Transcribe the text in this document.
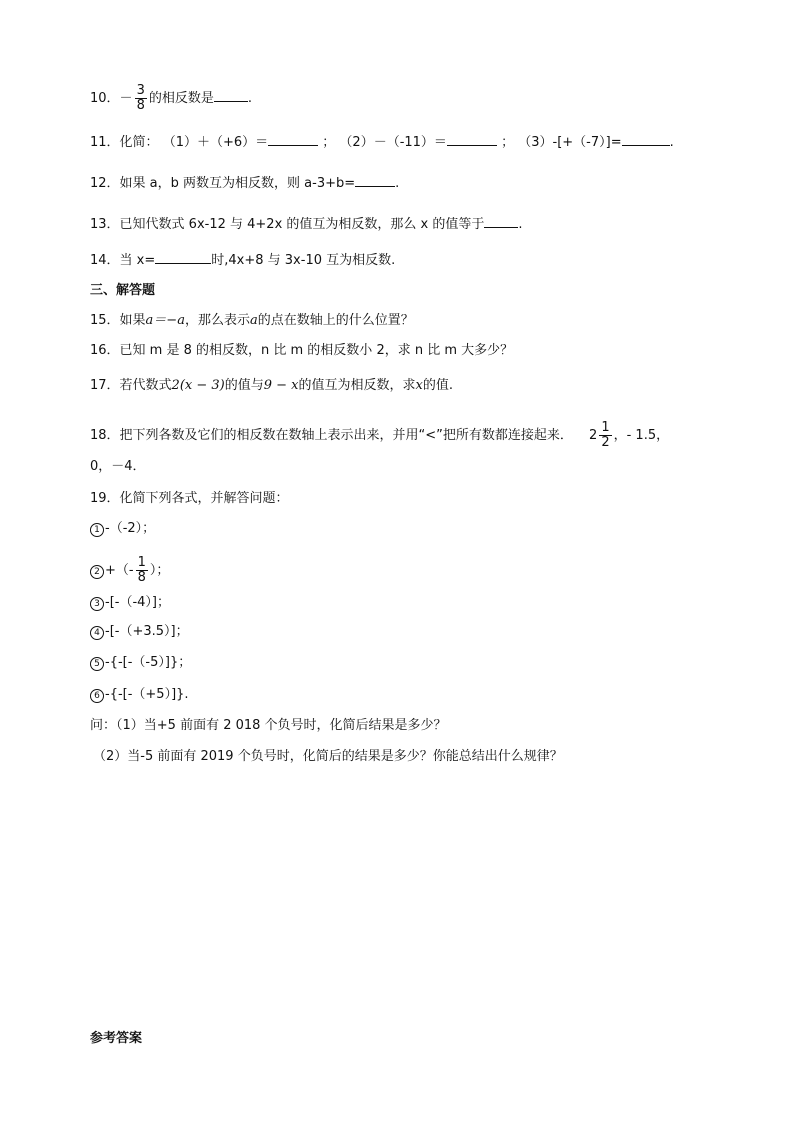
10．－ $\frac{3}{8}$ 的相反数是	.
11．化简： （1）＋（+6）＝	； （2）－（-11）＝	； （3）-[+（-7）]=	.
12．如果 a，b 两数互为相反数，则 a-3+b=	.
13．已知代数式 6x-12 与 4+2x 的值互为相反数，那么 x 的值等于	.
14．当 x=	时,4x+8 与 3x-10 互为相反数.
三、解答题
15．如果a＝−a，那么表示a的点在数轴上的什么位置？
16．已知 m 是 8 的相反数，n 比 m 的相反数小 2，求 n 比 m 大多少？
17．若代数式2(x − 3)的值与9 − x的值互为相反数，求x的值.
18．把下列各数及它们的相反数在数轴上表示出来，并用“<”把所有数都连接起来． $2 \frac{1}{2}$ ，- 1.5，
0，－4．
19．化简下列各式，并解答问题：
1 -（-2）；
2 +（- $\frac{1}{8}$ ）；
3 -[-（-4）]；
4 -[-（+3.5）]；
5 -{-[-（-5）]}；
6 -{-[-（+5）]}.
问：（1）当+5 前面有 2 018 个负号时，化简后结果是多少？
（2）当-5 前面有 2019 个负号时，化简后的结果是多少？你能总结出什么规律？
参考答案
